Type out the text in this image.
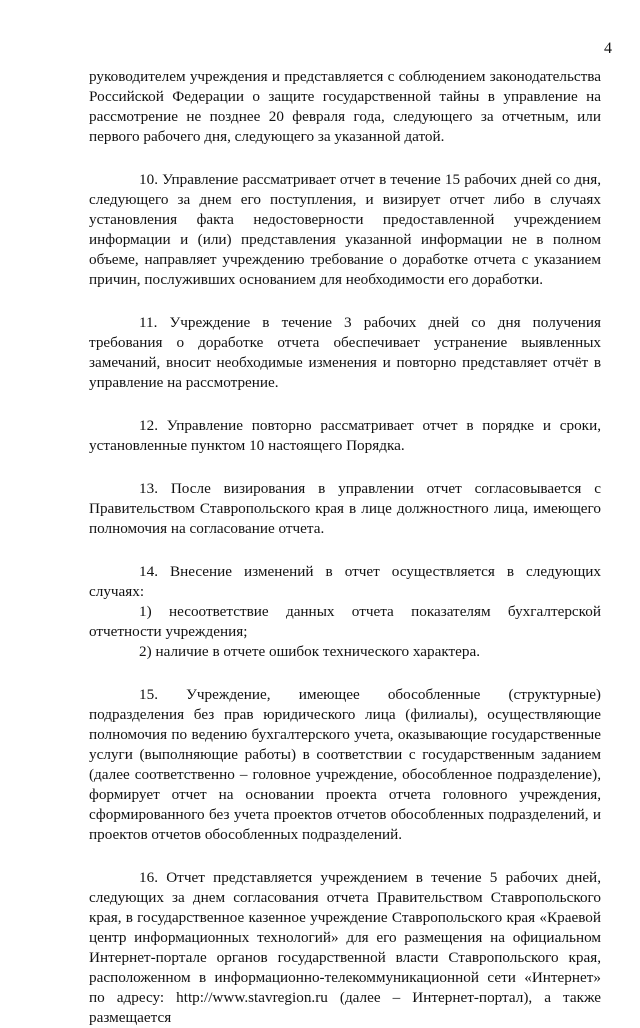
4

руководителем учреждения и представляется с соблюдением законодательства Российской Федерации о защите государственной тайны в управление на рассмотрение не позднее 20 февраля года, следующего за отчетным, или первого рабочего дня, следующего за указанной датой.

10. Управление рассматривает отчет в течение 15 рабочих дней со дня, следующего за днем его поступления, и визирует отчет либо в случаях установления факта недостоверности предоставленной учреждением информации и (или) представления указанной информации не в полном объеме, направляет учреждению требование о доработке отчета с указанием причин, послуживших основанием для необходимости его доработки.

11. Учреждение в течение 3 рабочих дней со дня получения требования о доработке отчета обеспечивает устранение выявленных замечаний, вносит необходимые изменения и повторно представляет отчёт в управление на рассмотрение.

12. Управление повторно рассматривает отчет в порядке и сроки, установленные пунктом 10 настоящего Порядка.

13. После визирования в управлении отчет согласовывается с Правительством Ставропольского края в лице должностного лица, имеющего полномочия на согласование отчета.

14. Внесение изменений в отчет осуществляется в следующих случаях:

1) несоответствие данных отчета показателям бухгалтерской отчетности учреждения;

2) наличие в отчете ошибок технического характера.

15. Учреждение, имеющее обособленные (структурные) подразделения без прав юридического лица (филиалы), осуществляющие полномочия по ведению бухгалтерского учета, оказывающие государственные услуги (выполняющие работы) в соответствии с государственным заданием (далее соответственно – головное учреждение, обособленное подразделение), формирует отчет на основании проекта отчета головного учреждения, сформированного без учета проектов отчетов обособленных подразделений, и проектов отчетов обособленных подразделений.

16. Отчет представляется учреждением в течение 5 рабочих дней, следующих за днем согласования отчета Правительством Ставропольского края, в государственное казенное учреждение Ставропольского края «Краевой центр информационных технологий» для его размещения на официальном Интернет-портале органов государственной власти Ставропольского края, расположенном в информационно-телекоммуникационной сети «Интернет» по адресу: http://www.stavregion.ru (далее – Интернет-портал), а также размещается
